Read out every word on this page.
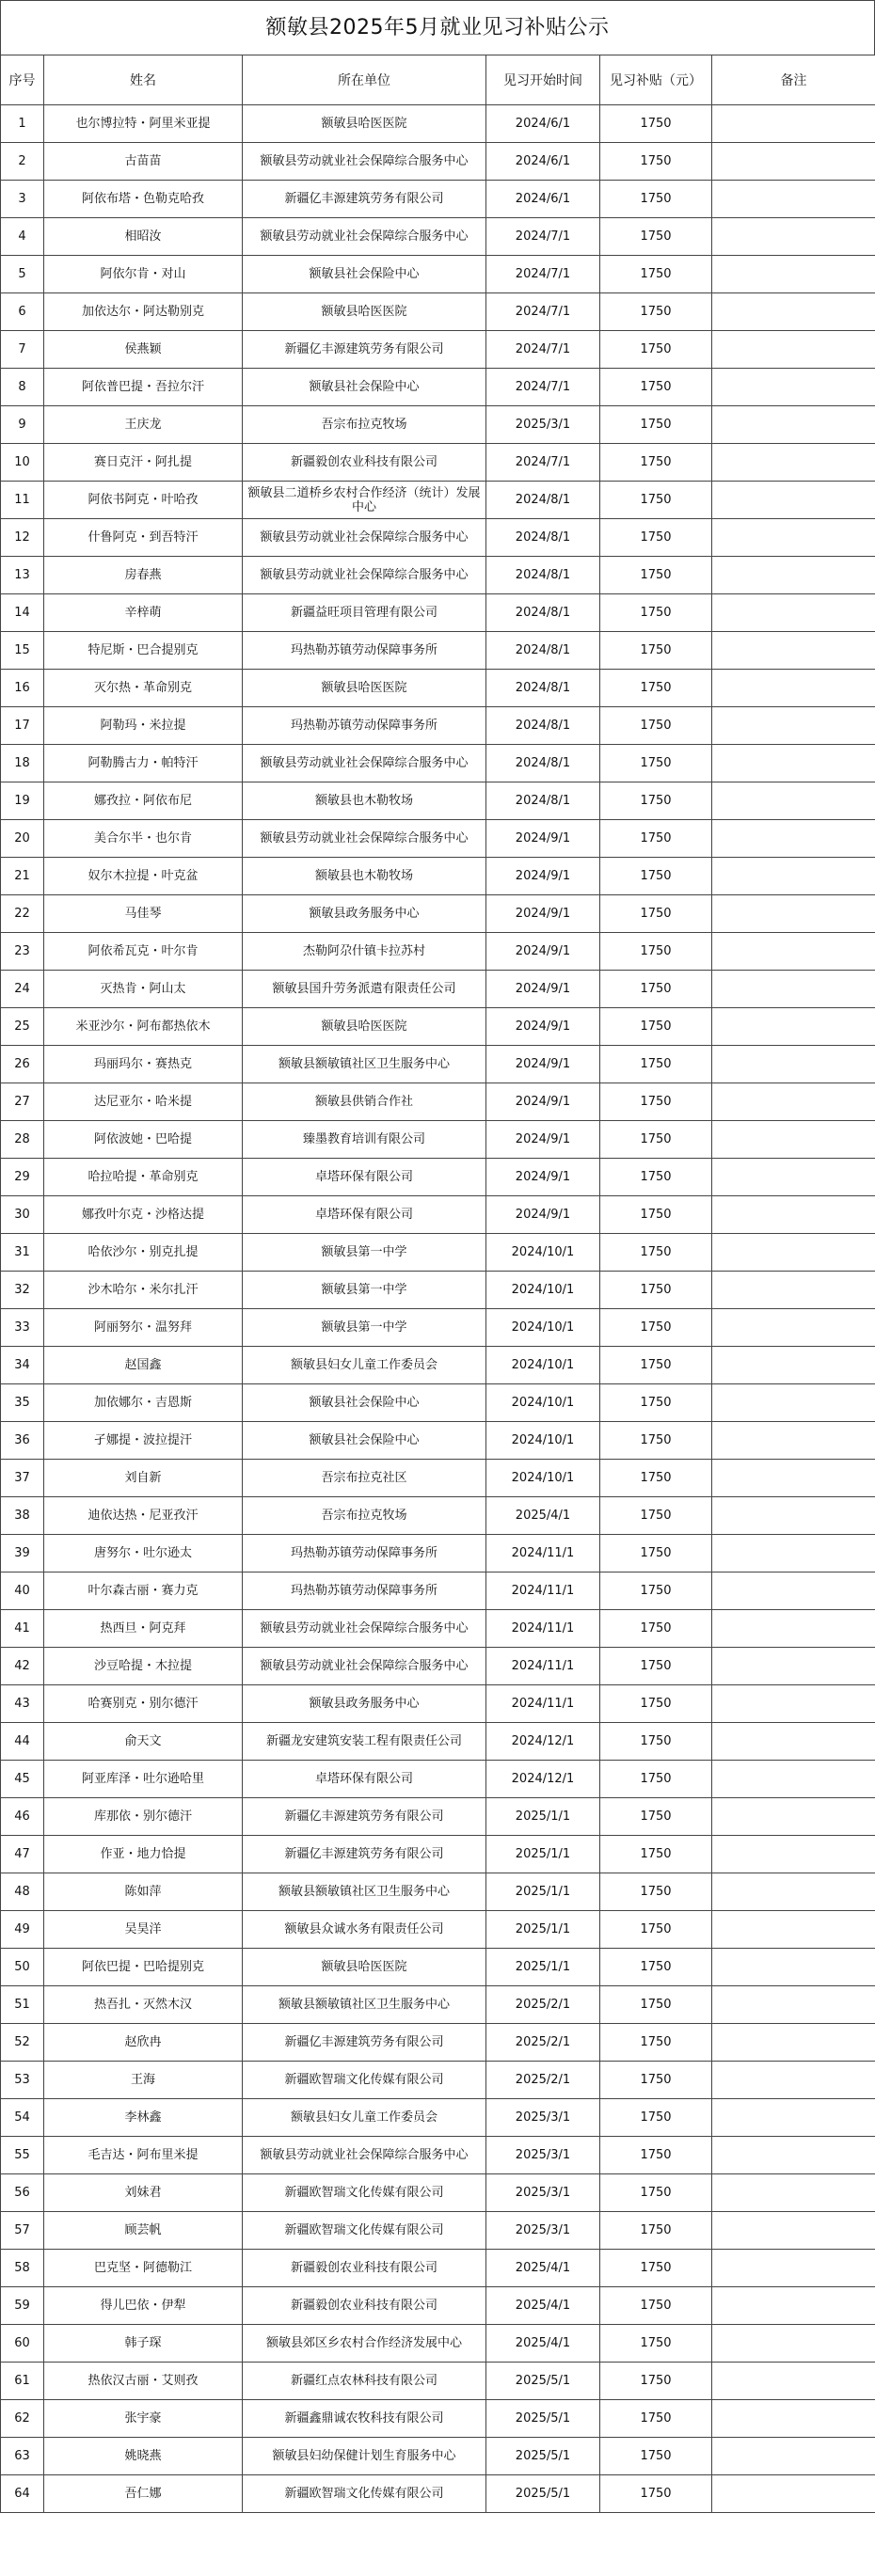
额敏县2025年5月就业见习补贴公示
序号	姓名	所在单位	见习开始时间	见习补贴（元）	备注
1	也尔博拉特・阿里米亚提	额敏县哈医医院	2024/6/1	1750	
2	古苗苗	额敏县劳动就业社会保障综合服务中心	2024/6/1	1750	
3	阿依布塔・色勒克哈孜	新疆亿丰源建筑劳务有限公司	2024/6/1	1750	
4	相昭汝	额敏县劳动就业社会保障综合服务中心	2024/7/1	1750	
5	阿依尔肯・对山	额敏县社会保险中心	2024/7/1	1750	
6	加依达尔・阿达勒别克	额敏县哈医医院	2024/7/1	1750	
7	侯燕颖	新疆亿丰源建筑劳务有限公司	2024/7/1	1750	
8	阿依普巴提・吾拉尔汗	额敏县社会保险中心	2024/7/1	1750	
9	王庆龙	吾宗布拉克牧场	2025/3/1	1750	
10	赛日克汗・阿扎提	新疆毅创农业科技有限公司	2024/7/1	1750	
11	阿依书阿克・叶哈孜	额敏县二道桥乡农村合作经济（统计）发展中心	2024/8/1	1750	
12	什鲁阿克・到吾特汗	额敏县劳动就业社会保障综合服务中心	2024/8/1	1750	
13	房春燕	额敏县劳动就业社会保障综合服务中心	2024/8/1	1750	
14	辛梓萌	新疆益旺项目管理有限公司	2024/8/1	1750	
15	特尼斯・巴合提别克	玛热勒苏镇劳动保障事务所	2024/8/1	1750	
16	灭尔热・革命别克	额敏县哈医医院	2024/8/1	1750	
17	阿勒玛・米拉提	玛热勒苏镇劳动保障事务所	2024/8/1	1750	
18	阿勒腾古力・帕特汗	额敏县劳动就业社会保障综合服务中心	2024/8/1	1750	
19	娜孜拉・阿依布尼	额敏县也木勒牧场	2024/8/1	1750	
20	美合尔半・也尔肯	额敏县劳动就业社会保障综合服务中心	2024/9/1	1750	
21	奴尔木拉提・叶克盆	额敏县也木勒牧场	2024/9/1	1750	
22	马佳琴	额敏县政务服务中心	2024/9/1	1750	
23	阿依希瓦克・叶尔肯	杰勒阿尕什镇卡拉苏村	2024/9/1	1750	
24	灭热肯・阿山太	额敏县国升劳务派遣有限责任公司	2024/9/1	1750	
25	米亚沙尔・阿布都热依木	额敏县哈医医院	2024/9/1	1750	
26	玛丽玛尔・赛热克	额敏县额敏镇社区卫生服务中心	2024/9/1	1750	
27	达尼亚尔・哈米提	额敏县供销合作社	2024/9/1	1750	
28	阿依波她・巴哈提	臻墨教育培训有限公司	2024/9/1	1750	
29	哈拉哈提・革命别克	卓塔环保有限公司	2024/9/1	1750	
30	娜孜叶尔克・沙格达提	卓塔环保有限公司	2024/9/1	1750	
31	哈依沙尔・别克扎提	额敏县第一中学	2024/10/1	1750	
32	沙木哈尔・米尔扎汗	额敏县第一中学	2024/10/1	1750	
33	阿丽努尔・温努拜	额敏县第一中学	2024/10/1	1750	
34	赵国鑫	额敏县妇女儿童工作委员会	2024/10/1	1750	
35	加依娜尔・吉恩斯	额敏县社会保险中心	2024/10/1	1750	
36	孑娜提・波拉提汗	额敏县社会保险中心	2024/10/1	1750	
37	刘自新	吾宗布拉克社区	2024/10/1	1750	
38	迪依达热・尼亚孜汗	吾宗布拉克牧场	2025/4/1	1750	
39	唐努尔・吐尔逊太	玛热勒苏镇劳动保障事务所	2024/11/1	1750	
40	叶尔森古丽・赛力克	玛热勒苏镇劳动保障事务所	2024/11/1	1750	
41	热西旦・阿克拜	额敏县劳动就业社会保障综合服务中心	2024/11/1	1750	
42	沙豆哈提・木拉提	额敏县劳动就业社会保障综合服务中心	2024/11/1	1750	
43	哈赛别克・别尔德汗	额敏县政务服务中心	2024/11/1	1750	
44	俞天文	新疆龙安建筑安装工程有限责任公司	2024/12/1	1750	
45	阿亚库泽・吐尔逊哈里	卓塔环保有限公司	2024/12/1	1750	
46	库那依・别尔德汗	新疆亿丰源建筑劳务有限公司	2025/1/1	1750	
47	作亚・地力恰提	新疆亿丰源建筑劳务有限公司	2025/1/1	1750	
48	陈如萍	额敏县额敏镇社区卫生服务中心	2025/1/1	1750	
49	吴昊洋	额敏县众诚水务有限责任公司	2025/1/1	1750	
50	阿依巴提・巴哈提别克	额敏县哈医医院	2025/1/1	1750	
51	热吾扎・灭然木汉	额敏县额敏镇社区卫生服务中心	2025/2/1	1750	
52	赵欣冉	新疆亿丰源建筑劳务有限公司	2025/2/1	1750	
53	王海	新疆欧智瑞文化传媒有限公司	2025/2/1	1750	
54	李林鑫	额敏县妇女儿童工作委员会	2025/3/1	1750	
55	毛吉达・阿布里米提	额敏县劳动就业社会保障综合服务中心	2025/3/1	1750	
56	刘妹君	新疆欧智瑞文化传媒有限公司	2025/3/1	1750	
57	顾芸帆	新疆欧智瑞文化传媒有限公司	2025/3/1	1750	
58	巴克坚・阿德勒江	新疆毅创农业科技有限公司	2025/4/1	1750	
59	得儿巴依・伊犁	新疆毅创农业科技有限公司	2025/4/1	1750	
60	韩子琛	额敏县郊区乡农村合作经济发展中心	2025/4/1	1750	
61	热依汉古丽・艾则孜	新疆红点农林科技有限公司	2025/5/1	1750	
62	张宇豪	新疆鑫鼎诚农牧科技有限公司	2025/5/1	1750	
63	姚晓燕	额敏县妇幼保健计划生育服务中心	2025/5/1	1750	
64	吾仁娜	新疆欧智瑞文化传媒有限公司	2025/5/1	1750	
